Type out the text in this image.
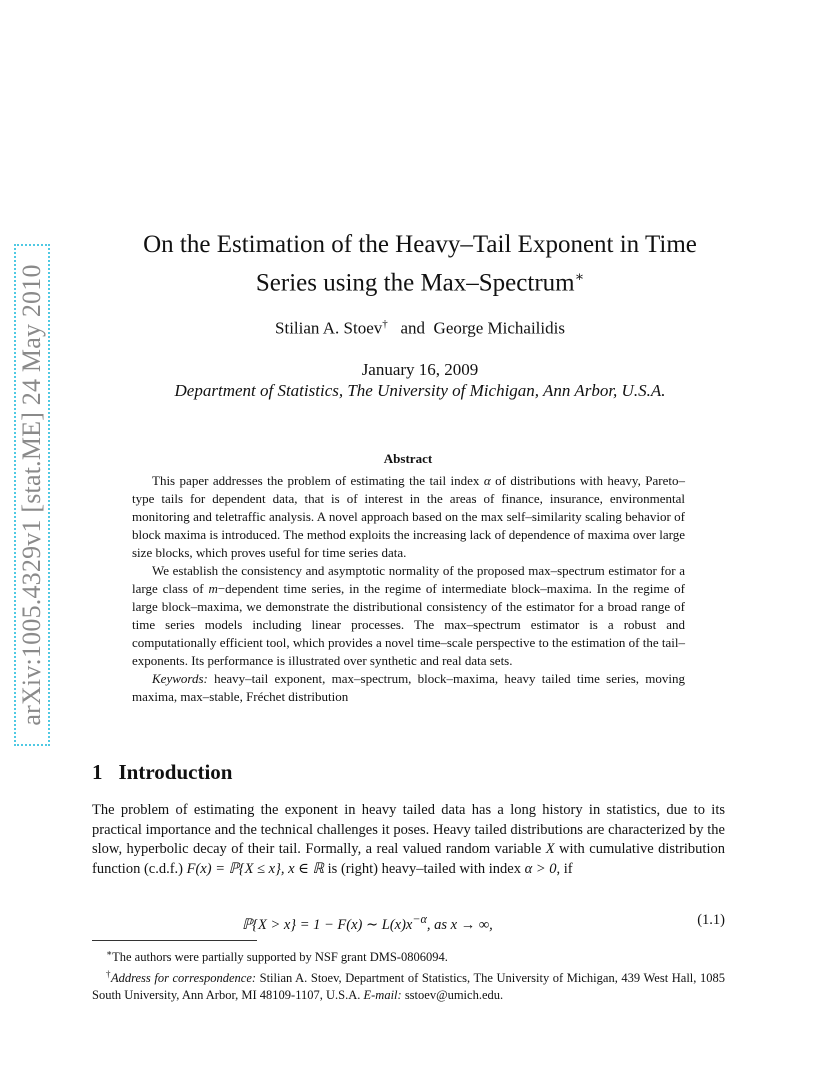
arXiv:1005.4329v1 [stat.ME] 24 May 2010
On the Estimation of the Heavy–Tail Exponent in Time
Series using the Max–Spectrum∗
Stilian A. Stoev† and George Michailidis
January 16, 2009
Department of Statistics, The University of Michigan, Ann Arbor, U.S.A.
Abstract

This paper addresses the problem of estimating the tail index α of distributions with heavy, Pareto–type tails for dependent data, that is of interest in the areas of finance, insurance, environmental monitoring and teletraffic analysis. A novel approach based on the max self–similarity scaling behavior of block maxima is introduced. The method exploits the increasing lack of dependence of maxima over large size blocks, which proves useful for time series data.

We establish the consistency and asymptotic normality of the proposed max–spectrum estimator for a large class of m−dependent time series, in the regime of intermediate block–maxima. In the regime of large block–maxima, we demonstrate the distributional consistency of the estimator for a broad range of time series models including linear processes. The max–spectrum estimator is a robust and computationally efficient tool, which provides a novel time–scale perspective to the estimation of the tail–exponents. Its performance is illustrated over synthetic and real data sets.

Keywords: heavy–tail exponent, max–spectrum, block–maxima, heavy tailed time series, moving maxima, max–stable, Fréchet distribution

1 Introduction

The problem of estimating the exponent in heavy tailed data has a long history in statistics, due to its practical importance and the technical challenges it poses. Heavy tailed distributions are characterized by the slow, hyperbolic decay of their tail. Formally, a real valued random variable X with cumulative distribution function (c.d.f.) F(x) = ℙ{X ≤ x}, x ∈ ℝ is (right) heavy–tailed with index α > 0, if

ℙ{X > x} = 1 − F(x) ∼ $L(x)x^{-\alpha}$, as x → ∞,	(1.1)

∗The authors were partially supported by NSF grant DMS-0806094.

†Address for correspondence: Stilian A. Stoev, Department of Statistics, The University of Michigan, 439 West Hall, 1085 South University, Ann Arbor, MI 48109-1107, U.S.A. E-mail: sstoev@umich.edu.
